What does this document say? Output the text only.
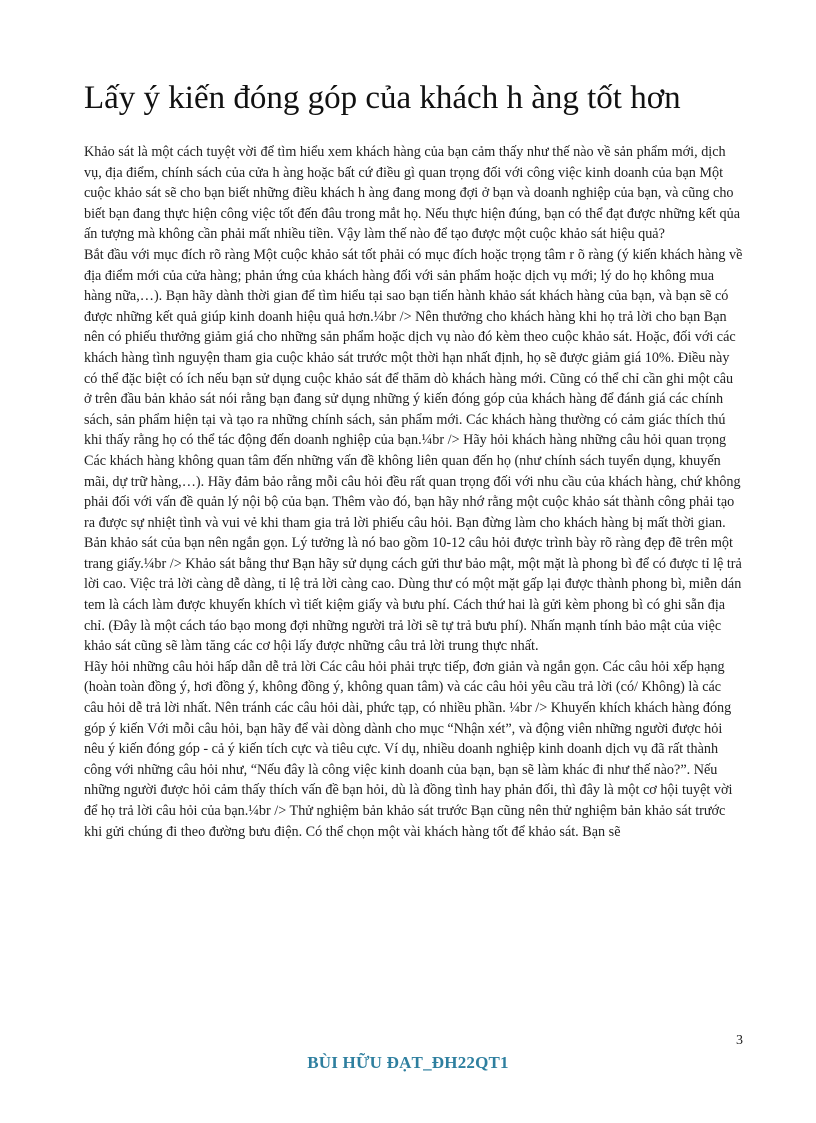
Lấy ý kiến đóng góp của khách h àng tốt hơn

Khảo sát là một cách tuyệt vời để tìm hiểu xem khách hàng của bạn cảm thấy như thế nào về sản phẩm mới, dịch vụ, địa điểm, chính sách của cửa h àng hoặc bất cứ điều gì quan trọng đối với công việc kinh doanh của bạn Một cuộc khảo sát sẽ cho bạn biết những điều khách h àng đang mong đợi ở bạn và doanh nghiệp của bạn, và cũng cho biết bạn đang thực hiện công việc tốt đến đâu trong mắt họ. Nếu thực hiện đúng, bạn có thể đạt được những kết qủa ấn tượng mà không cần phải mất nhiều tiền. Vậy làm thế nào để tạo được một cuộc khảo sát hiệu quả?

Bắt đầu với mục đích rõ ràng Một cuộc khảo sát tốt phải có mục đích hoặc trọng tâm r õ ràng (ý kiến khách hàng về địa điểm mới của cửa hàng; phản ứng của khách hàng đối với sản phẩm hoặc dịch vụ mới; lý do họ không mua hàng nữa,…). Bạn hãy dành thời gian để tìm hiểu tại sao bạn tiến hành khảo sát khách hàng của bạn, và bạn sẽ có được những kết quả giúp kinh doanh hiệu quả hơn.¼br /> Nên thưởng cho khách hàng khi họ trả lời cho bạn Bạn nên có phiếu thưởng giảm giá cho những sản phẩm hoặc dịch vụ nào đó kèm theo cuộc khảo sát. Hoặc, đối với các khách hàng tình nguyện tham gia cuộc khảo sát trước một thời hạn nhất định, họ sẽ được giảm giá 10%. Điều này có thể đặc biệt có ích nếu bạn sử dụng cuộc khảo sát để thăm dò khách hàng mới. Cũng có thể chỉ cần ghi một câu ở trên đầu bản khảo sát nói rằng bạn đang sử dụng những ý kiến đóng góp của khách hàng để đánh giá các chính sách, sản phẩm hiện tại và tạo ra những chính sách, sản phẩm mới. Các khách hàng thường có cảm giác thích thú khi thấy rằng họ có thể tác động đến doanh nghiệp của bạn.¼br /> Hãy hỏi khách hàng những câu hỏi quan trọng Các khách hàng không quan tâm đến những vấn đề không liên quan đến họ (như chính sách tuyển dụng, khuyến mãi, dự trữ hàng,…). Hãy đảm bảo rằng mỗi câu hỏi đều rất quan trọng đối với nhu cầu của khách hàng, chứ không phải đối với vấn đề quản lý nội bộ của bạn. Thêm vào đó, bạn hãy nhớ rằng một cuộc khảo sát thành công phải tạo ra được sự nhiệt tình và vui vẻ khi tham gia trả lời phiếu câu hỏi. Bạn đừng làm cho khách hàng bị mất thời gian. Bản khảo sát của bạn nên ngắn gọn. Lý tưởng là nó bao gồm 10-12 câu hỏi được trình bày rõ ràng đẹp đẽ trên một trang giấy.¼br /> Khảo sát bằng thư Bạn hãy sử dụng cách gửi thư bảo mật, một mặt là phong bì để có được tỉ lệ trả lời cao. Việc trả lời càng dễ dàng, tỉ lệ trả lời càng cao. Dùng thư có một mặt gấp lại được thành phong bì, miễn dán tem là cách làm được khuyến khích vì tiết kiệm giấy và bưu phí. Cách thứ hai là gửi kèm phong bì có ghi sẵn địa chỉ. (Đây là một cách táo bạo mong đợi những người trả lời sẽ tự trả bưu phí). Nhấn mạnh tính bảo mật của việc khảo sát cũng sẽ làm tăng các cơ hội lấy được những câu trả lời trung thực nhất.

Hãy hỏi những câu hỏi hấp dẫn dễ trả lời Các câu hỏi phải trực tiếp, đơn giản và ngắn gọn. Các câu hỏi xếp hạng (hoàn toàn đồng ý, hơi đồng ý, không đồng ý, không quan tâm) và các câu hỏi yêu cầu trả lời (có/ Không) là các câu hỏi dễ trả lời nhất. Nên tránh các câu hỏi dài, phức tạp, có nhiều phần. ¼br /> Khuyến khích khách hàng đóng góp ý kiến Với mỗi câu hỏi, bạn hãy để vài dòng dành cho mục “Nhận xét”, và động viên những người được hỏi nêu ý kiến đóng góp - cả ý kiến tích cực và tiêu cực. Ví dụ, nhiều doanh nghiệp kinh doanh dịch vụ đã rất thành công với những câu hỏi như, “Nếu đây là công việc kinh doanh của bạn, bạn sẽ làm khác đi như thế nào?”. Nếu những người được hỏi cảm thấy thích vấn đề bạn hỏi, dù là đồng tình hay phản đối, thì đây là một cơ hội tuyệt vời để họ trả lời câu hỏi của bạn.¼br /> Thử nghiệm bản khảo sát trước Bạn cũng nên thử nghiệm bản khảo sát trước khi gửi chúng đi theo đường bưu điện. Có thể chọn một vài khách hàng tốt để khảo sát. Bạn sẽ

3
BÙI HỮU ĐẠT_ĐH22QT1
